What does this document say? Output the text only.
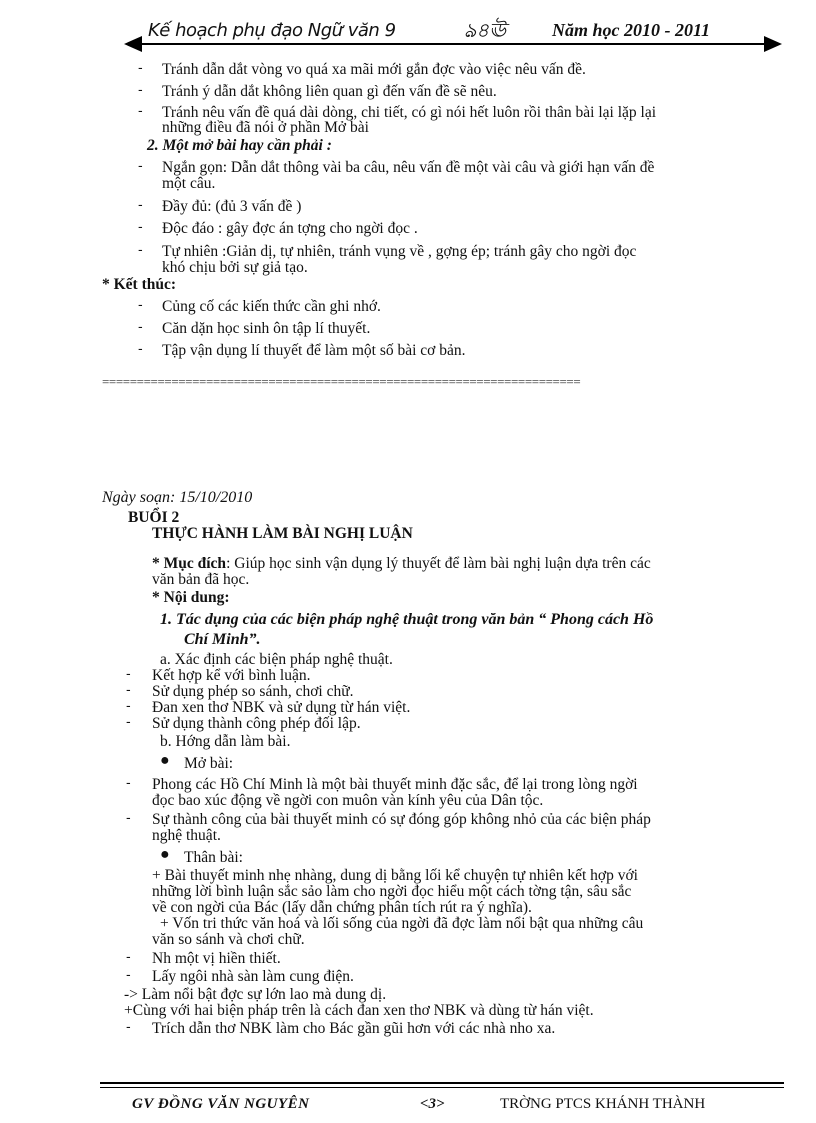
Kế hoạch phụ đạo Ngữ văn 9	ঌ৪ঊ	Năm học 2010 - 2011
- Tránh dẫn dắt vòng vo quá xa mãi mới gắn đợc vào việc nêu vấn đề.
- Tránh ý dẫn dắt không liên quan gì đến vấn đề sẽ nêu.
- Tránh nêu vấn đề quá dài dòng, chi tiết, có gì nói hết luôn rồi thân bài lại lặp lại
những điều đã nói ở phần Mở bài
2. Một mở bài hay cần phải :
- Ngắn gọn: Dẫn dắt thông vài ba câu, nêu vấn đề một vài câu và giới hạn vấn đề
một câu.
- Đầy đủ: (đủ 3 vấn đề )
- Độc đáo : gây đợc án tợng cho ngời đọc .
- Tự nhiên :Giản dị, tự nhiên, tránh vụng về , gợng ép; tránh gây cho ngời đọc
khó chịu bởi sự giả tạo.
* Kết thúc:
- Củng cố các kiến thức cần ghi nhớ.
- Căn dặn học sinh ôn tập lí thuyết.
- Tập vận dụng lí thuyết để làm một số bài cơ bản.
=====================================================================
Ngày soạn: 15/10/2010
BUỔI 2
THỰC HÀNH LÀM BÀI NGHỊ LUẬN
* Mục đích: Giúp học sinh vận dụng lý thuyết để làm bài nghị luận dựa trên các
văn bản đã học.
* Nội dung:
1. Tác dụng của các biện pháp nghệ thuật trong văn bản “ Phong cách Hồ
Chí Minh”.
a. Xác định các biện pháp nghệ thuật.
- Kết hợp kể với bình luận.
- Sử dụng phép so sánh, chơi chữ.
- Đan xen thơ NBK và sử dụng từ hán việt.
- Sử dụng thành công phép đối lập.
b. Hớng dẫn làm bài.
● Mở bài:
- Phong các Hồ Chí Minh là một bài thuyết minh đặc sắc, để lại trong lòng ngời
đọc bao xúc động về ngời con muôn vàn kính yêu của Dân tộc.
- Sự thành công của bài thuyết minh có sự đóng góp không nhỏ của các biện pháp
nghệ thuật.
● Thân bài:
+ Bài thuyết minh nhẹ nhàng, dung dị bằng lối kể chuyện tự nhiên kết hợp với
những lời bình luận sắc sảo làm cho ngời đọc hiểu một cách tờng tận, sâu sắc
về con ngời của Bác (lấy dẫn chứng phân tích rút ra ý nghĩa).
+ Vốn tri thức văn hoá và lối sống của ngời đã đợc làm nổi bật qua những câu
văn so sánh và chơi chữ.
- Nh một vị hiền thiết.
- Lấy ngôi nhà sàn làm cung điện.
-> Làm nổi bật đợc sự lớn lao mà dung dị.
+Cùng với hai biện pháp trên là cách đan xen thơ NBK và dùng từ hán việt.
- Trích dẫn thơ NBK làm cho Bác gần gũi hơn với các nhà nho xa.
GV ĐỒNG VĂN NGUYÊN	<3>	TRỜNG PTCS KHÁNH THÀNH
